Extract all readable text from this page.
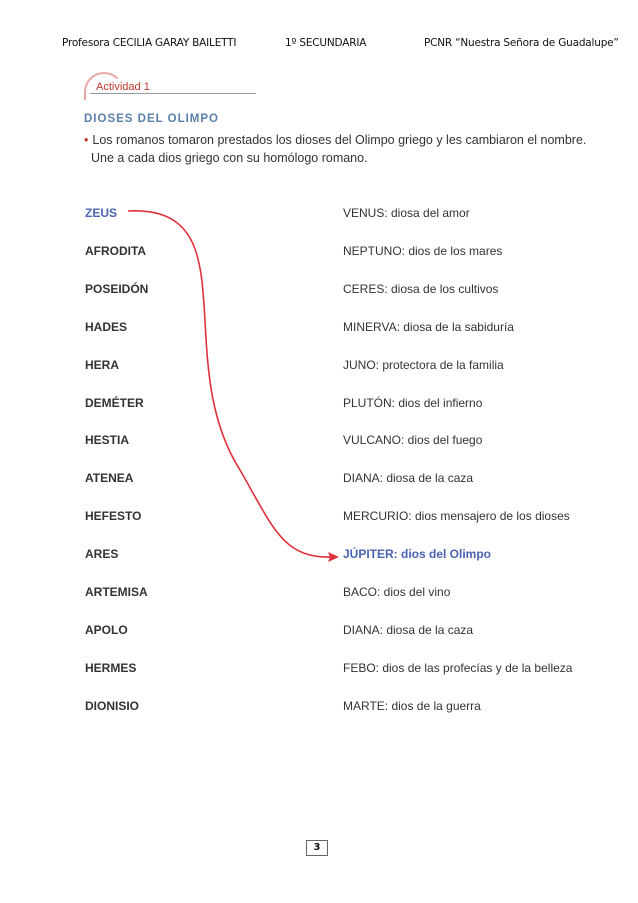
Profesora CECILIA GARAY BAILETTI	1º SECUNDARIA	PCNR “Nuestra Señora de Guadalupe”
Actividad 1
DIOSES DEL OLIMPO
• Los romanos tomaron prestados los dioses del Olimpo griego y les cambiaron el nombre.
Une a cada dios griego con su homólogo romano.
ZEUS
AFRODITA
POSEIDÓN
HADES
HERA
DEMÉTER
HESTIA
ATENEA
HEFESTO
ARES
ARTEMISA
APOLO
HERMES
DIONISIO
VENUS: diosa del amor
NEPTUNO: dios de los mares
CERES: diosa de los cultivos
MINERVA: diosa de la sabiduría
JUNO: protectora de la familia
PLUTÓN: dios del infierno
VULCANO: dios del fuego
DIANA: diosa de la caza
MERCURIO: dios mensajero de los dioses
JÚPITER: dios del Olimpo
BACO: dios del vino
DIANA: diosa de la caza
FEBO: dios de las profecías y de la belleza
MARTE: dios de la guerra
3
